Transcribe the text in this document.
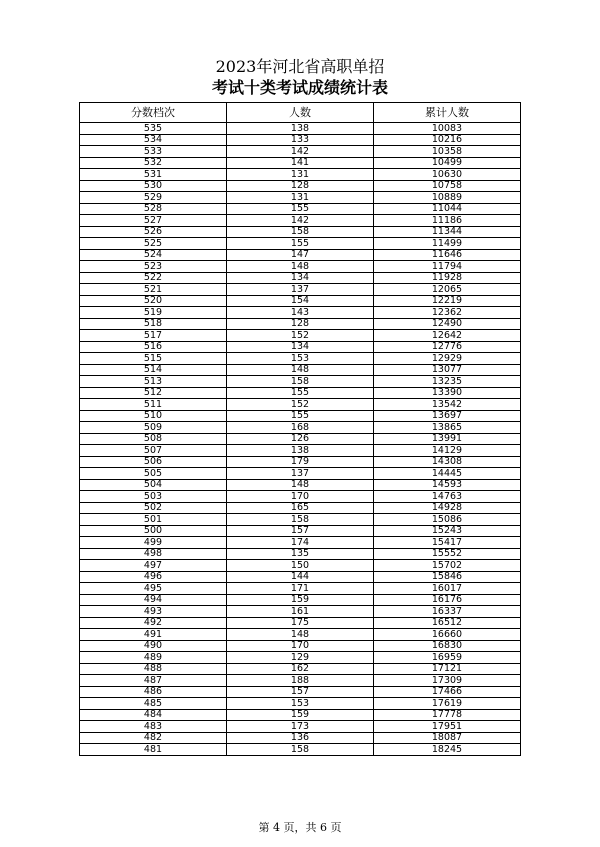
2023年河北省高职单招
考试十类考试成绩统计表
分数档次	人数	累计人数
535	138	10083
534	133	10216
533	142	10358
532	141	10499
531	131	10630
530	128	10758
529	131	10889
528	155	11044
527	142	11186
526	158	11344
525	155	11499
524	147	11646
523	148	11794
522	134	11928
521	137	12065
520	154	12219
519	143	12362
518	128	12490
517	152	12642
516	134	12776
515	153	12929
514	148	13077
513	158	13235
512	155	13390
511	152	13542
510	155	13697
509	168	13865
508	126	13991
507	138	14129
506	179	14308
505	137	14445
504	148	14593
503	170	14763
502	165	14928
501	158	15086
500	157	15243
499	174	15417
498	135	15552
497	150	15702
496	144	15846
495	171	16017
494	159	16176
493	161	16337
492	175	16512
491	148	16660
490	170	16830
489	129	16959
488	162	17121
487	188	17309
486	157	17466
485	153	17619
484	159	17778
483	173	17951
482	136	18087
481	158	18245
第 4 页，共 6 页
